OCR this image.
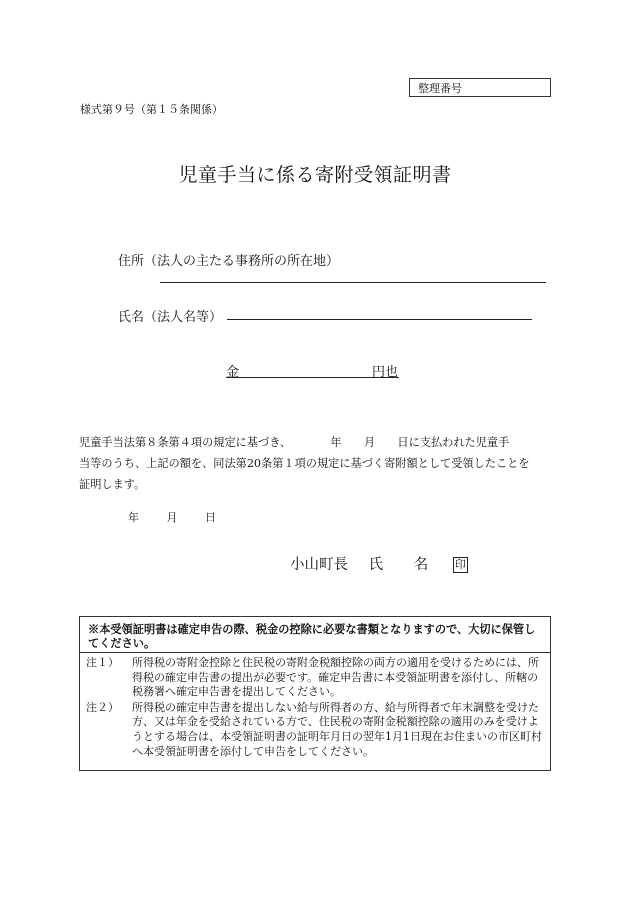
整理番号
様式第９号（第１５条関係）
児童手当に係る寄附受領証明書
住所（法人の主たる事務所の所在地）
氏名（法人名等）
金	円也

児童手当法第８条第４項の規定に基づき、　　　　年　　月　　日に支払われた児童手

当等のうち、上記の額を、同法第20条第１項の規定に基づく寄附額として受領したことを

証明します。

年	月	日
小山町長 氏 名 印
※本受領証明書は確定申告の際、税金の控除に必要な書類となりますので、大切に保管してください。
注１）	所得税の寄附金控除と住民税の寄附金税額控除の両方の適用を受けるためには、所得税の確定申告書の提出が必要です。確定申告書に本受領証明書を添付し、所轄の税務署へ確定申告書を提出してください。
注２）	所得税の確定申告書を提出しない給与所得者の方、給与所得者で年末調整を受けた方、又は年金を受給されている方で、住民税の寄附金税額控除の適用のみを受けようとする場合は、本受領証明書の証明年月日の翌年1月1日現在お住まいの市区町村へ本受領証明書を添付して申告をしてください。
